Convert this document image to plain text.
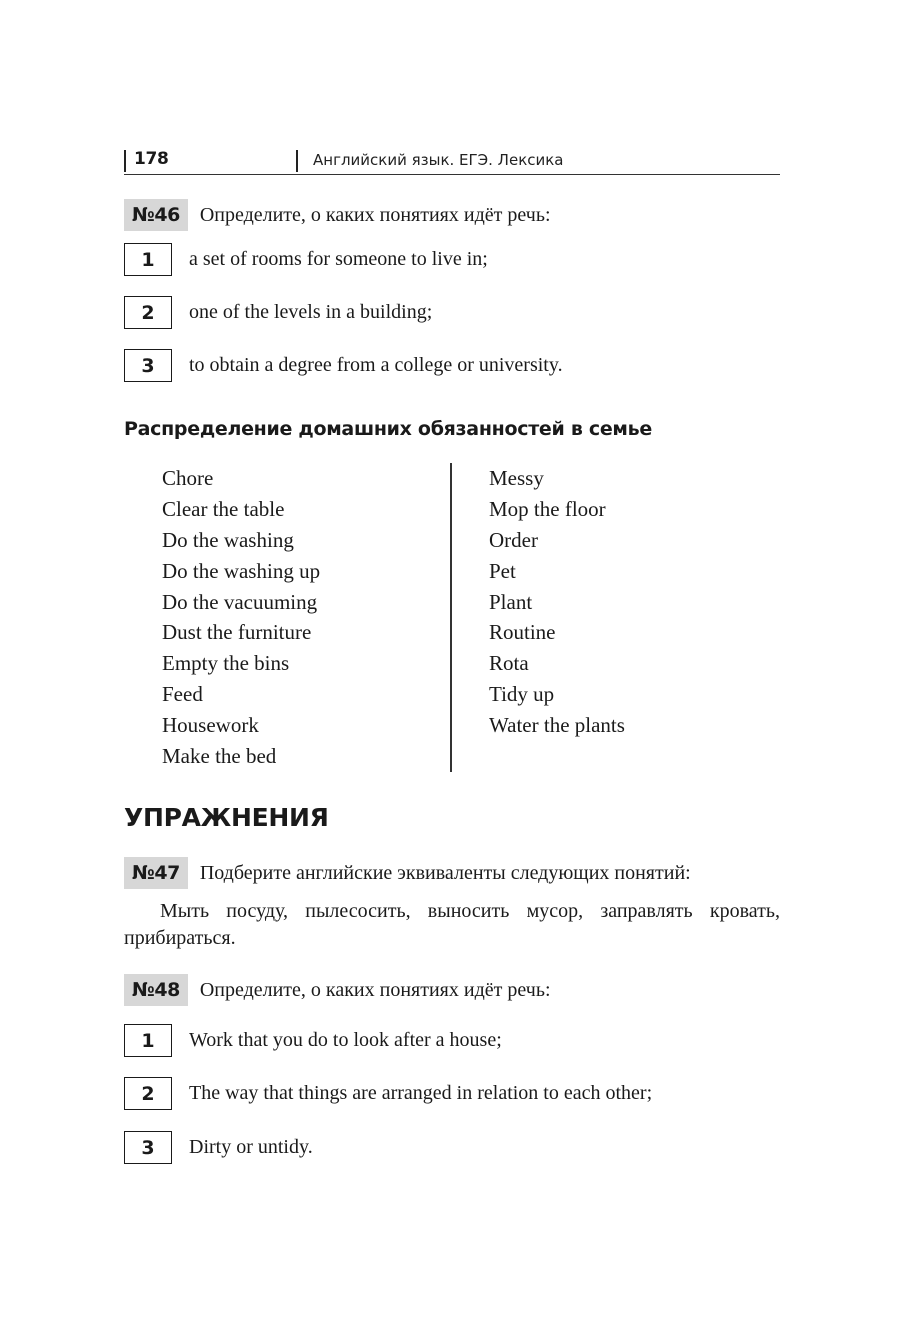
178	Английский язык. ЕГЭ. Лексика
№46	Определите, о каких понятиях идёт речь:
1	a set of rooms for someone to live in;
2	one of the levels in a building;
3	to obtain a degree from a college or university.
Распределение домашних обязанностей в семье
Chore
Clear the table
Do the washing
Do the washing up
Do the vacuuming
Dust the furniture
Empty the bins
Feed
Housework
Make the bed
Messy
Mop the floor
Order
Pet
Plant
Routine
Rota
Tidy up
Water the plants
УПРАЖНЕНИЯ
№47	Подберите английские эквиваленты следующих понятий:
Мыть посуду, пылесосить, выносить мусор, заправлять кровать, прибираться.
№48	Определите, о каких понятиях идёт речь:
1	Work that you do to look after a house;
2	The way that things are arranged in relation to each other;
3	Dirty or untidy.
